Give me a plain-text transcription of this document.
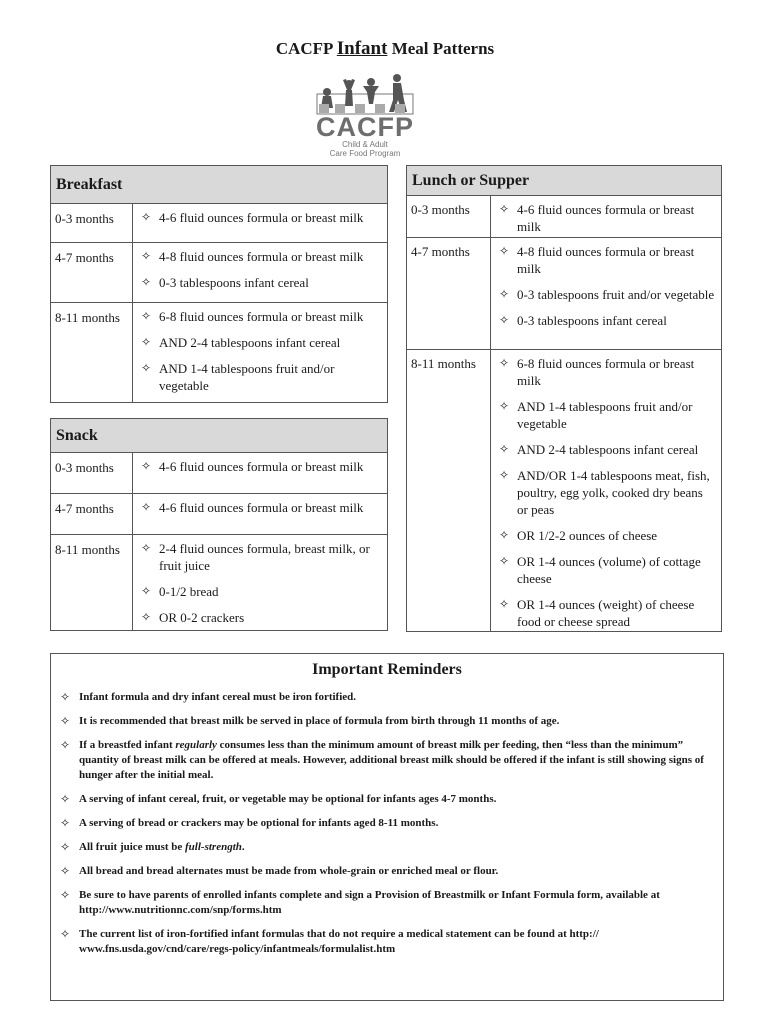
CACFP Infant Meal Patterns
CACFP
Child & Adult
Care Food Program
Breakfast
0-3 months	✧ 4-6 fluid ounces formula or breast milk
4-7 months	✧ 4-8 fluid ounces formula or breast milk
✧ 0-3 tablespoons infant cereal
8-11 months	✧ 6-8 fluid ounces formula or breast milk
✧ AND 2-4 tablespoons infant cereal
✧ AND 1-4 tablespoons fruit and/or vegetable
Snack
0-3 months	✧ 4-6 fluid ounces formula or breast milk
4-7 months	✧ 4-6 fluid ounces formula or breast milk
8-11 months	✧ 2-4 fluid ounces formula, breast milk, or fruit juice
✧ 0-1/2 bread
✧ OR 0-2 crackers
Lunch or Supper
0-3 months	✧ 4-6 fluid ounces formula or breast milk
4-7 months	✧ 4-8 fluid ounces formula or breast milk
✧ 0-3 tablespoons fruit and/or vegetable
✧ 0-3 tablespoons infant cereal
8-11 months	✧ 6-8 fluid ounces formula or breast milk
✧ AND 1-4 tablespoons fruit and/or vegetable
✧ AND 2-4 tablespoons infant cereal
✧ AND/OR 1-4 tablespoons meat, fish, poultry, egg yolk, cooked dry beans or peas
✧ OR 1/2-2 ounces of cheese
✧ OR 1-4 ounces (volume) of cottage cheese
✧ OR 1-4 ounces (weight) of cheese food or cheese spread
Important Reminders
✧ Infant formula and dry infant cereal must be iron fortified.
✧ It is recommended that breast milk be served in place of formula from birth through 11 months of age.
✧ If a breastfed infant regularly consumes less than the minimum amount of breast milk per feeding, then “less than the minimum” quantity of breast milk can be offered at meals. However, additional breast milk should be offered if the infant is still showing signs of hunger after the initial meal.
✧ A serving of infant cereal, fruit, or vegetable may be optional for infants ages 4-7 months.
✧ A serving of bread or crackers may be optional for infants aged 8-11 months.
✧ All fruit juice must be full-strength.
✧ All bread and bread alternates must be made from whole-grain or enriched meal or flour.
✧ Be sure to have parents of enrolled infants complete and sign a Provision of Breastmilk or Infant Formula form, available at http://www.nutritionnc.com/snp/forms.htm
✧ The current list of iron-fortified infant formulas that do not require a medical statement can be found at http:// www.fns.usda.gov/cnd/care/regs-policy/infantmeals/formulalist.htm
